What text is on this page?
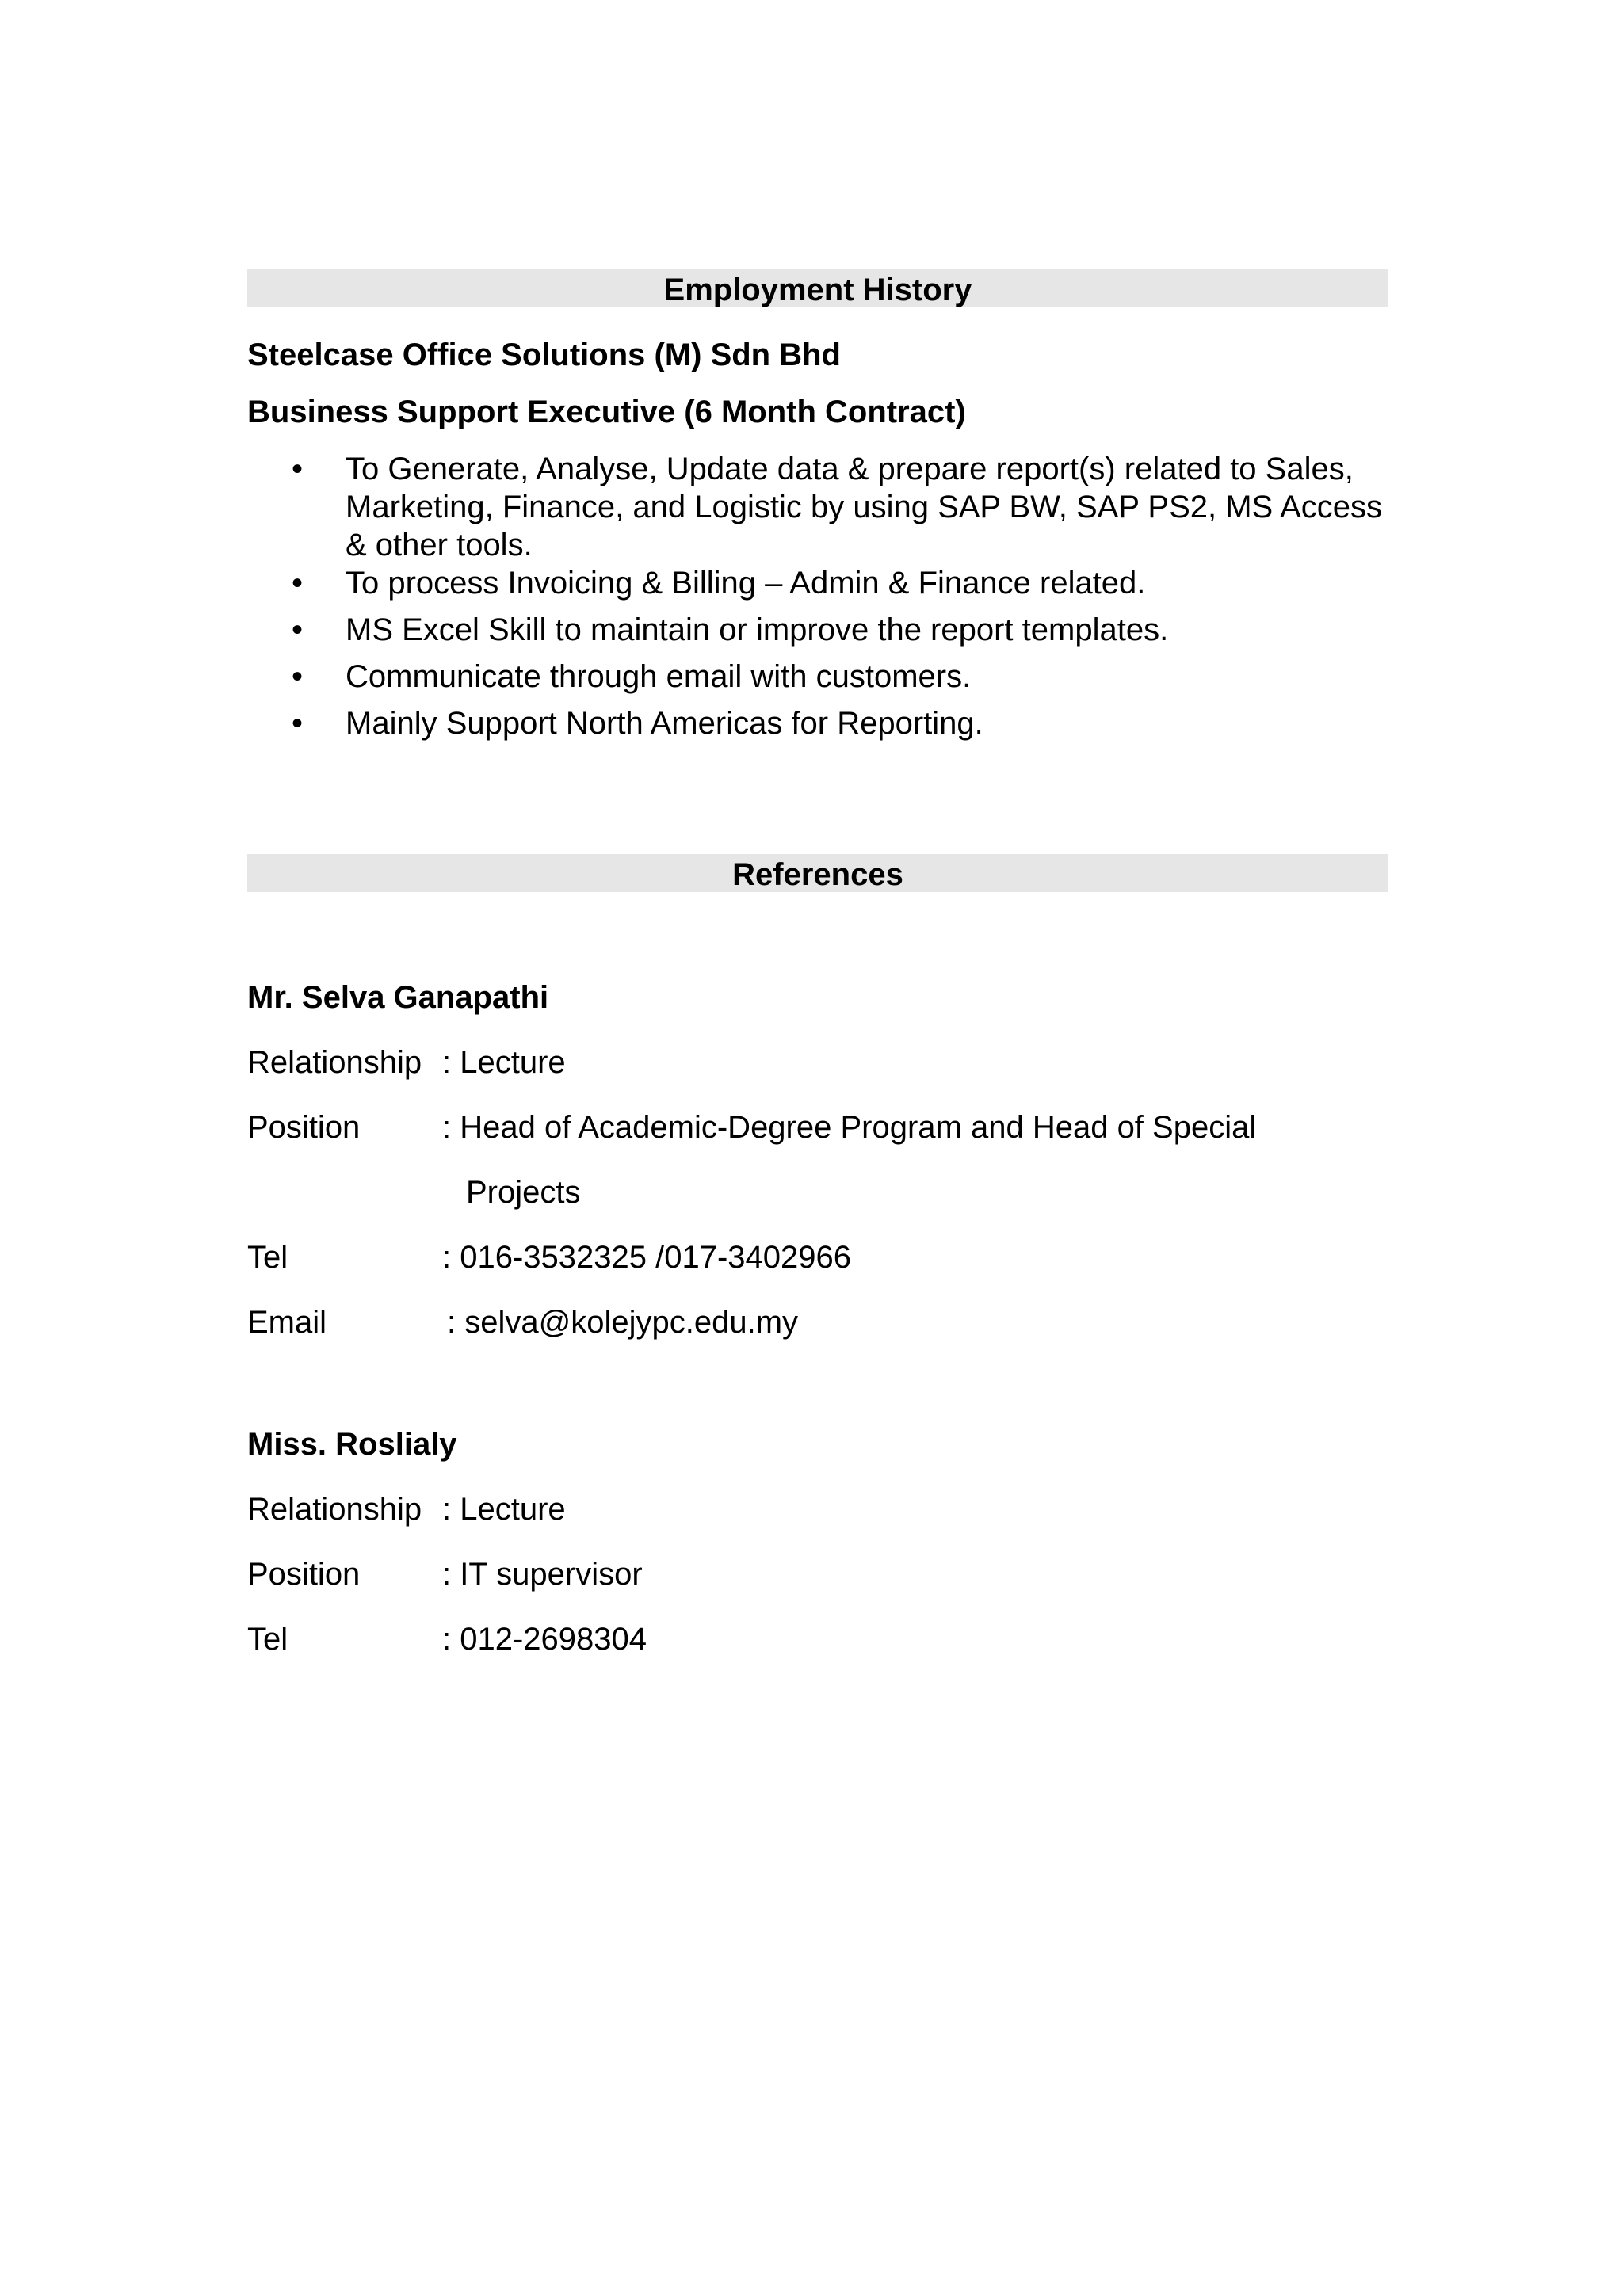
Employment History
Steelcase Office Solutions (M) Sdn Bhd
Business Support Executive (6 Month Contract)
•	To Generate, Analyse, Update data & prepare report(s) related to Sales, Marketing, Finance, and Logistic by using SAP BW, SAP PS2, MS Access & other tools.
•	To process Invoicing & Billing – Admin & Finance related.
•	MS Excel Skill to maintain or improve the report templates.
•	Communicate through email with customers.
•	Mainly Support North Americas for Reporting.
References
Mr. Selva Ganapathi
Relationship : Lecture
Position	: Head of Academic-Degree Program and Head of Special
Projects
Tel	: 016-3532325 /017-3402966
Email	: selva@kolejypc.edu.my
Miss. Roslialy
Relationship : Lecture
Position	: IT supervisor
Tel	: 012-2698304
